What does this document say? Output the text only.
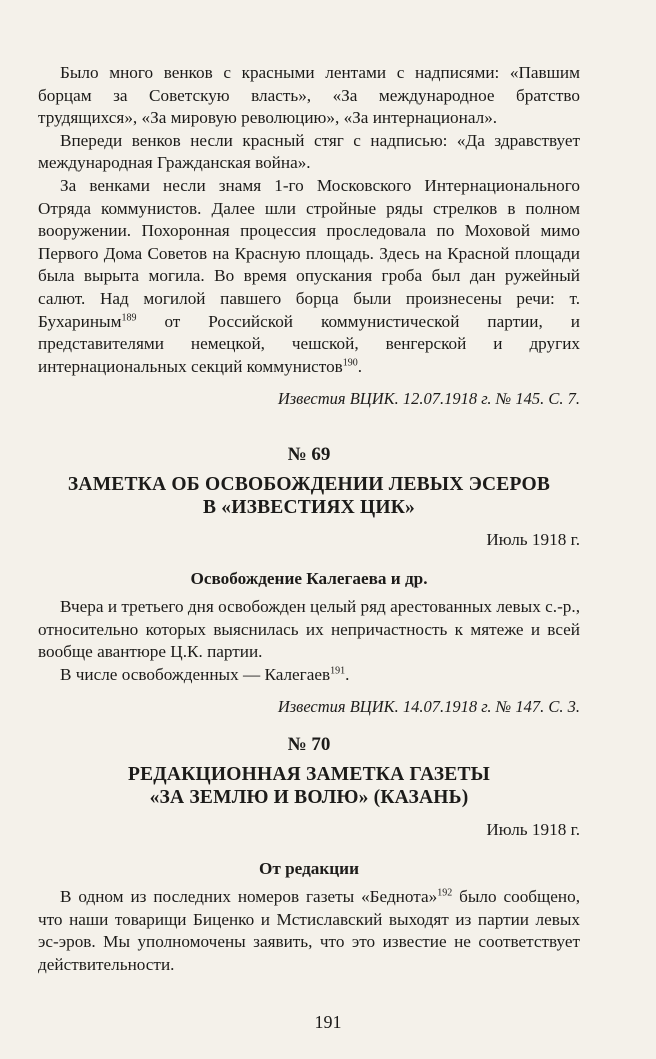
Было много венков с красными лентами с надписями: «Павшим борцам за Советскую власть», «За международное братство трудящихся», «За мировую революцию», «За интернационал».

Впереди венков несли красный стяг с надписью: «Да здравствует международная Гражданская война».

За венками несли знамя 1-го Московского Интернационального Отряда коммунистов. Далее шли стройные ряды стрелков в полном вооружении. Похоронная процессия проследовала по Моховой мимо Первого Дома Советов на Красную площадь. Здесь на Красной площади была вырыта могила. Во время опускания гроба был дан ружейный салют. Над могилой павшего борца были произнесены речи: т. Бухариным$^{189}$ от Российской коммунистической партии, и представителями немецкой, чешской, венгерской и других интернациональных секций коммунистов$^{190}$.

Известия ВЦИК. 12.07.1918 г. № 145. С. 7.

№ 69
ЗАМЕТКА ОБ ОСВОБОЖДЕНИИ ЛЕВЫХ ЭСЕРОВ
В «ИЗВЕСТИЯХ ЦИК»
Июль 1918 г.
Освобождение Калегаева и др.

Вчера и третьего дня освобожден целый ряд арестованных левых с.-р., относительно которых выяснилась их непричастность к мятеже и всей вообще авантюре Ц.К. партии.

В числе освобожденных — Калегаев$^{191}$.

Известия ВЦИК. 14.07.1918 г. № 147. С. 3.

№ 70
РЕДАКЦИОННАЯ ЗАМЕТКА ГАЗЕТЫ
«ЗА ЗЕМЛЮ И ВОЛЮ» (КАЗАНЬ)
Июль 1918 г.
От редакции

В одном из последних номеров газеты «Беднота»$^{192}$ было сообщено, что наши товарищи Биценко и Мстиславский выходят из партии левых эс-эров. Мы уполномочены заявить, что это известие не соответствует действительности.

191
